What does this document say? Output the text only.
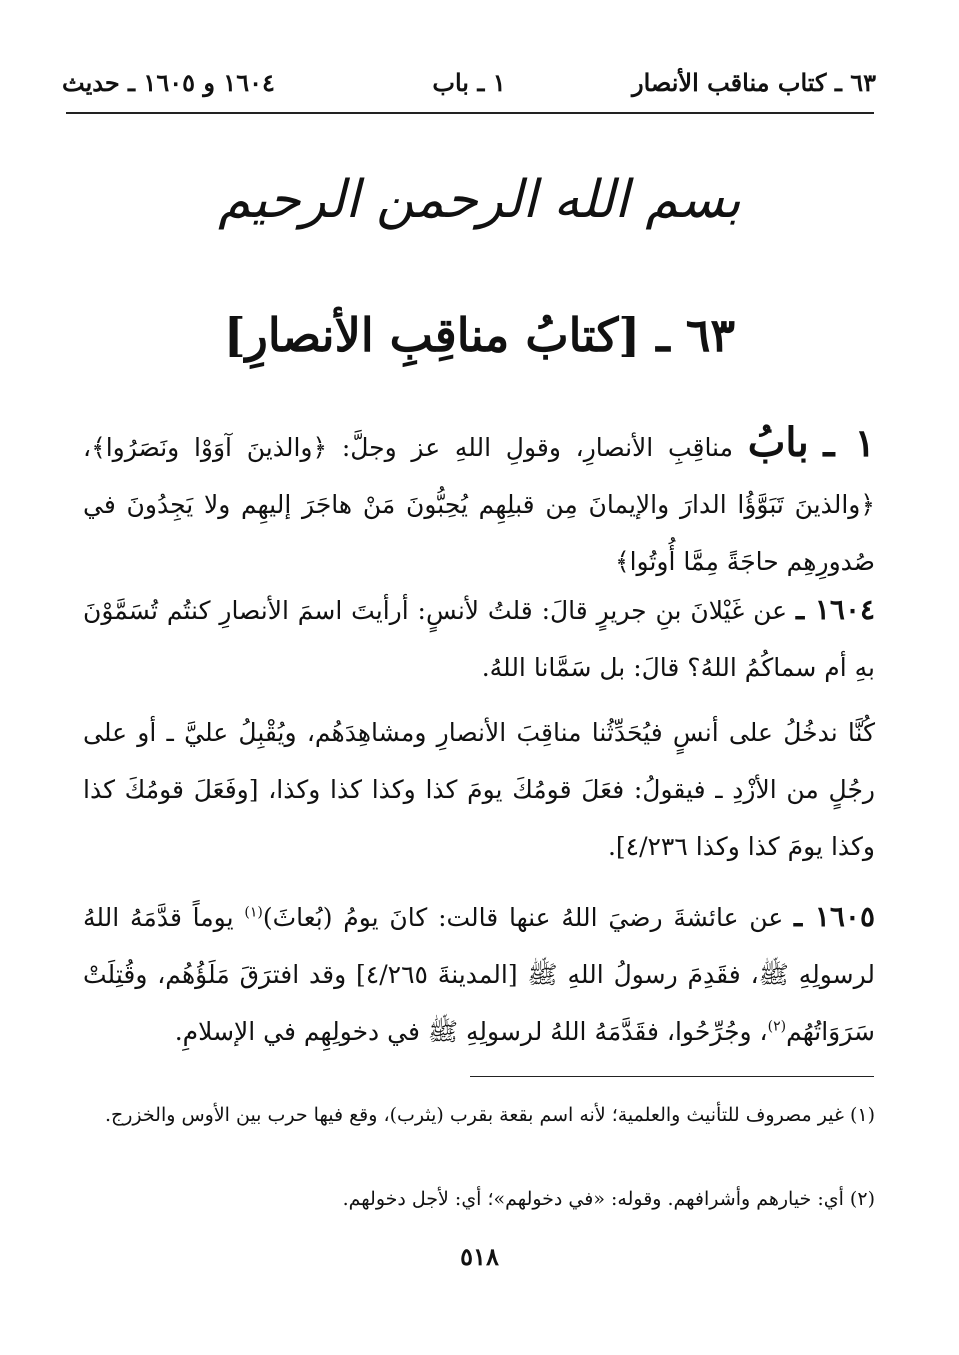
٦٣ ـ كتاب مناقب الأنصار
١ ـ باب
١٦٠٤ و ١٦٠٥ ـ حديث
بسم الله الرحمن الرحيم
٦٣ ـ [كتابُ مناقِبِ الأنصارِ]
١ ـ بابُ مناقِبِ الأنصارِ، وقولِ اللهِ عز وجلَّ: ﴿والذينَ آوَوْا ونَصَرُوا﴾، ﴿والذينَ تَبَوَّؤُا الدارَ والإيمانَ مِن قبلِهِم يُحِبُّونَ مَنْ هاجَرَ إليهِم ولا يَجِدُونَ في صُدورِهِم حاجَةً مِمَّا أُوتُوا﴾
١٦٠٤ ـ عن غَيْلانَ بنِ جريرٍ قالَ: قلتُ لأنسٍ: أرأيتَ اسمَ الأنصارِ كنتُم تُسَمَّوْنَ بهِ أم سماكُمُ اللهُ؟ قالَ: بل سَمَّانا اللهُ.
كُنَّا ندخُلُ على أنسٍ فيُحَدِّثُنا مناقِبَ الأنصارِ ومشاهِدَهُم، ويُقْبِلُ عليَّ ـ أو على رجُلٍ من الأزْدِ ـ فيقولُ: فعَلَ قومُكَ يومَ كذا وكذا كذا وكذا، [وفَعَلَ قومُكَ كذا وكذا يومَ كذا وكذا ٤/٢٣٦].
١٦٠٥ ـ عن عائشةَ رضيَ اللهُ عنها قالت: كانَ يومُ (بُعاثَ)$^{(١)}$ يوماً قدَّمَهُ اللهُ لرسولِهِ ﷺ، فقَدِمَ رسولُ اللهِ ﷺ [المدينةَ ٤/٢٦٥] وقد افترَقَ مَلَؤُهُم، وقُتِلَتْ سَرَوَاتُهُم$^{(٢)}$، وجُرِّحُوا، فقَدَّمَهُ اللهُ لرسولِهِ ﷺ في دخولِهِم في الإسلامِ.
(١) غير مصروف للتأنيث والعلمية؛ لأنه اسم بقعة بقرب (يثرب)، وقع فيها حرب بين الأوس والخزرج.
(٢) أي: خيارهم وأشرافهم. وقوله: «في دخولهم»؛ أي: لأجل دخولهم.
٥١٨
